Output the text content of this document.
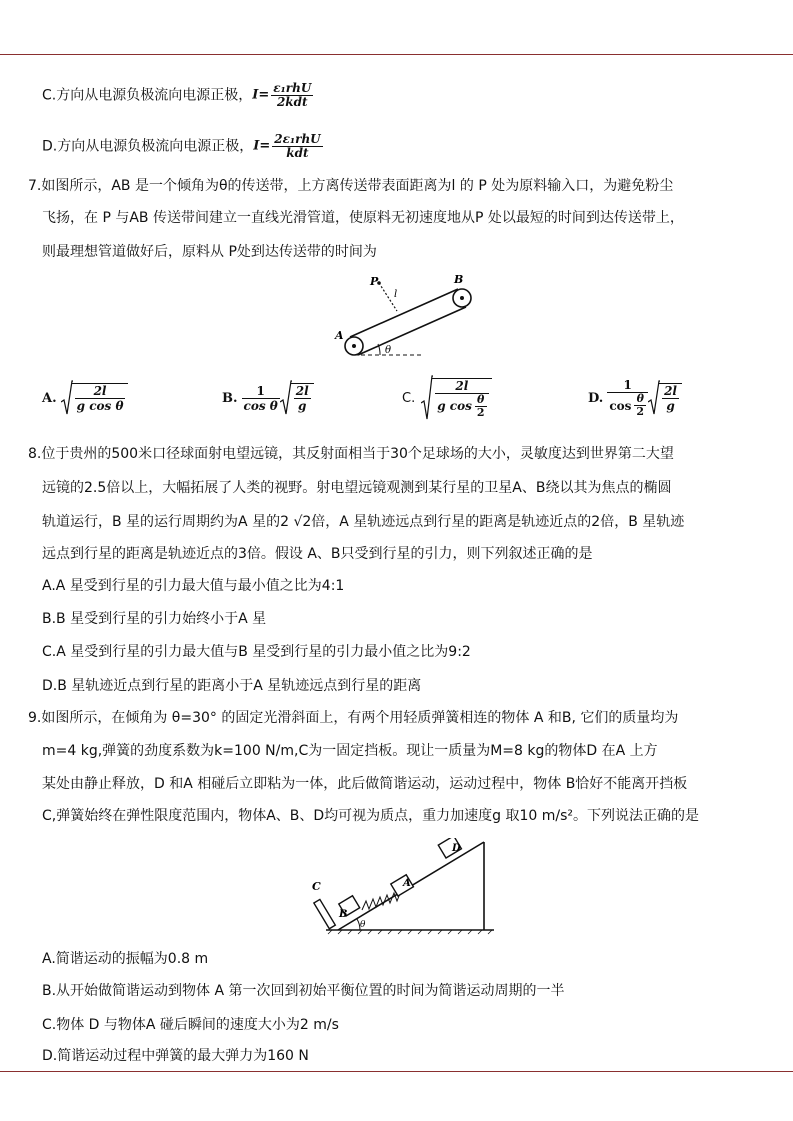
C.方向从电源负极流向电源正极，$I= \frac{\text{ε₁rhU}}{\text{2kdt}}$
D.方向从电源负极流向电源正极，$I= \frac{\text{2ε₁rhU}}{\text{kdt}}$
7.如图所示，AB 是一个倾角为θ的传送带，上方离传送带表面距离为l 的 P 处为原料输入口，为避免粉尘
飞扬，在 P 与AB 传送带间建立一直线光滑管道，使原料无初速度地从P 处以最短的时间到达传送带上，
则最理想管道做好后，原料从 P处到达传送带的时间为
P
l
A
B
θ
A. $\frac{2l}{\text{g cos θ}}$	B. $\frac{1}{\text{cos θ}} \frac{2l}{g}$	C. $\frac{2l}{g \cos \frac{\theta}{2}}$	D.
1
$\cos \frac{\theta}{2} \frac{2l}{g}$
8.位于贵州的500米口径球面射电望远镜，其反射面相当于30个足球场的大小，灵敏度达到世界第二大望
远镜的2.5倍以上，大幅拓展了人类的视野。射电望远镜观测到某行星的卫星A、B绕以其为焦点的椭圆
轨道运行，B 星的运行周期约为A 星的2 √2倍，A 星轨迹远点到行星的距离是轨迹近点的2倍，B 星轨迹
远点到行星的距离是轨迹近点的3倍。假设 A、B只受到行星的引力，则下列叙述正确的是
A.A 星受到行星的引力最大值与最小值之比为4:1
B.B 星受到行星的引力始终小于A 星
C.A 星受到行星的引力最大值与B 星受到行星的引力最小值之比为9:2
D.B 星轨迹近点到行星的距离小于A 星轨迹远点到行星的距离
9.如图所示，在倾角为 θ=30° 的固定光滑斜面上，有两个用轻质弹簧相连的物体 A 和B, 它们的质量均为
m=4 kg,弹簧的劲度系数为k=100 N/m,C为一固定挡板。现让一质量为M=8 kg的物体D 在A 上方
某处由静止释放，D 和A 相碰后立即粘为一体，此后做简谐运动，运动过程中，物体 B恰好不能离开挡板
C,弹簧始终在弹性限度范围内，物体A、B、D均可视为质点，重力加速度g 取10 m/s²。下列说法正确的是
C
B
A
D
θ
A.简谐运动的振幅为0.8 m
B.从开始做简谐运动到物体 A 第一次回到初始平衡位置的时间为简谐运动周期的一半
C.物体 D 与物体A 碰后瞬间的速度大小为2 m/s
D.简谐运动过程中弹簧的最大弹力为160 N
